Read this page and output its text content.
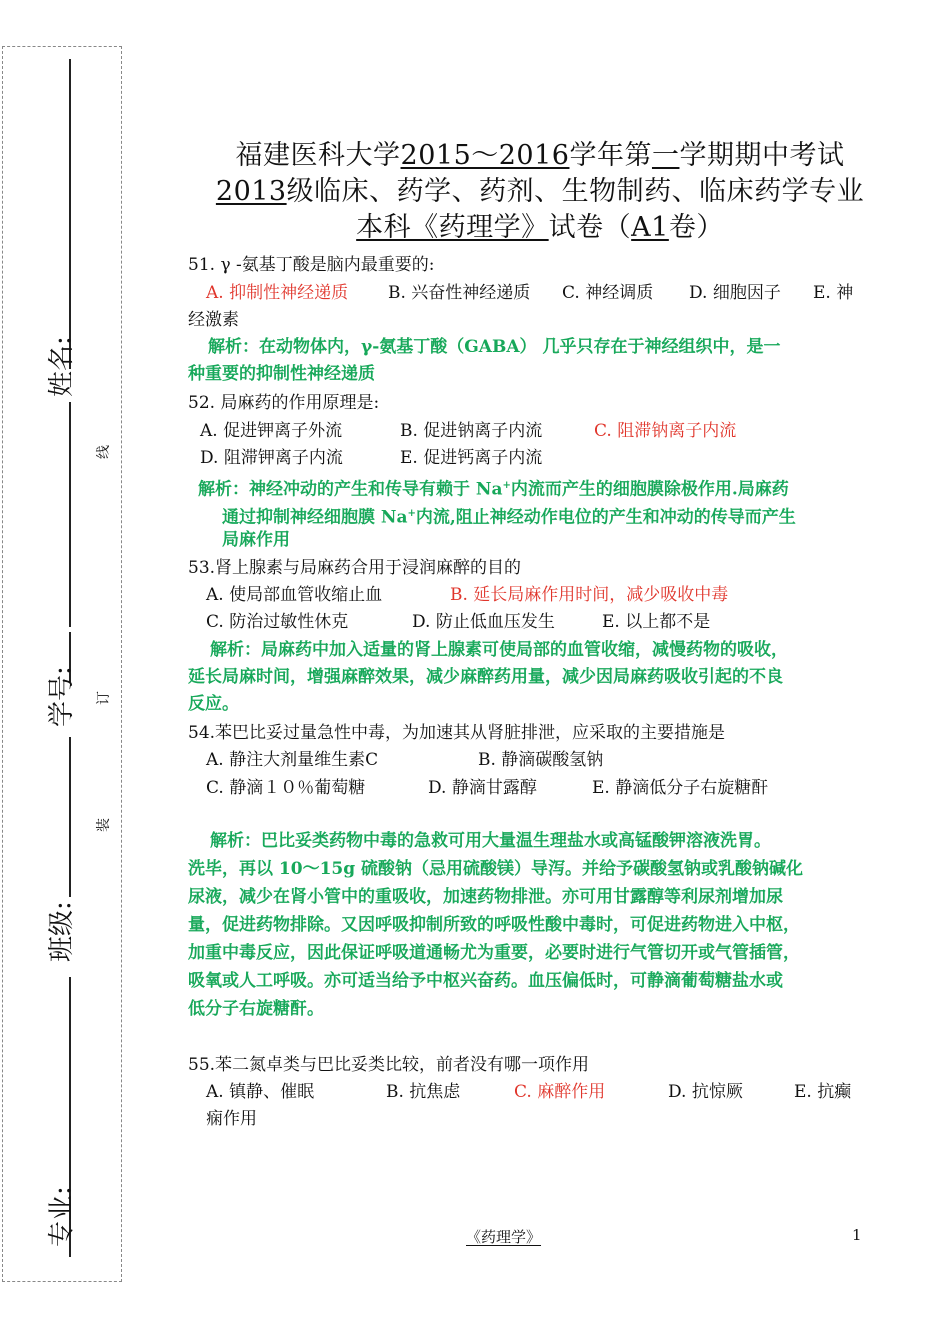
姓名:
线
学号: 订
班级:
装
专业:
福建医科大学2015～2016学年第一学期期中考试
2013级临床、药学、药剂、生物制药、临床药学专业
本科《药理学》试卷（A1卷）
51. γ -氨基丁酸是脑内最重要的:
A. 抑制性神经递质 B. 兴奋性神经递质 C. 神经调质 D. 细胞因子 E. 神
经激素
解析：在动物体内，γ-氨基丁酸（GABA） 几乎只存在于神经组织中，是一
种重要的抑制性神经递质
52. 局麻药的作用原理是:
A. 促进钾离子外流	B. 促进钠离子内流	C. 阻滞钠离子内流
D. 阻滞钾离子内流	E. 促进钙离子内流
解析：神经冲动的产生和传导有赖于 Na+内流而产生的细胞膜除极作用.局麻药
通过抑制神经细胞膜 Na+内流,阻止神经动作电位的产生和冲动的传导而产生
局麻作用
53.肾上腺素与局麻药合用于浸润麻醉的目的
A. 使局部血管收缩止血	B. 延长局麻作用时间，减少吸收中毒
C. 防治过敏性休克	D. 防止低血压发生	E. 以上都不是
解析：局麻药中加入适量的肾上腺素可使局部的血管收缩，减慢药物的吸收，
延长局麻时间，增强麻醉效果，减少麻醉药用量，减少因局麻药吸收引起的不良
反应。
54.苯巴比妥过量急性中毒，为加速其从肾脏排泄，应采取的主要措施是
A. 静注大剂量维生素C	B. 静滴碳酸氢钠
C. 静滴１０％葡萄糖	D. 静滴甘露醇	E. 静滴低分子右旋糖酐
解析：巴比妥类药物中毒的急救可用大量温生理盐水或高锰酸钾溶液洗胃。
洗毕，再以 10～15g 硫酸钠（忌用硫酸镁）导泻。并给予碳酸氢钠或乳酸钠碱化
尿液，减少在肾小管中的重吸收，加速药物排泄。亦可用甘露醇等利尿剂增加尿
量，促进药物排除。又因呼吸抑制所致的呼吸性酸中毒时，可促进药物进入中枢，
加重中毒反应，因此保证呼吸道通畅尤为重要，必要时进行气管切开或气管插管，
吸氧或人工呼吸。亦可适当给予中枢兴奋药。血压偏低时，可静滴葡萄糖盐水或
低分子右旋糖酐。
55.苯二氮卓类与巴比妥类比较，前者没有哪一项作用
A. 镇静、催眠	B. 抗焦虑	C. 麻醉作用	D. 抗惊厥	E. 抗癫
痫作用
《药理学》	1
